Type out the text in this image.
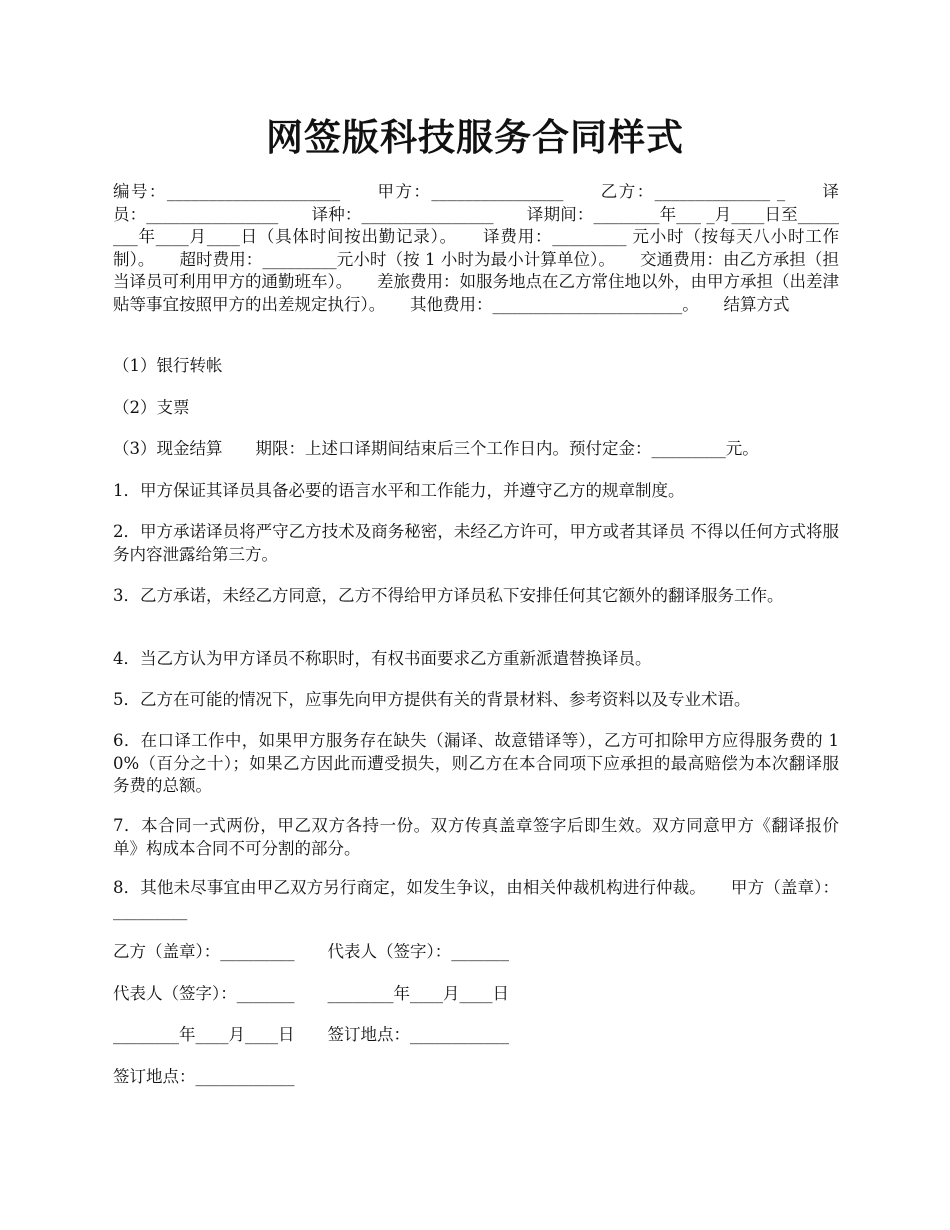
网签版科技服务合同样式
编号：_____________________　　甲方：________________　　乙方：______________ _　　译员：________________　　译种：________________　　译期间：________年___ _月____日至________年____月____日（具体时间按出勤记录）。　　译费用：_________ 元小时（按每天八小时工作制）。　　超时费用：_________元小时（按 1 小时为最小计算单位）。　　交通费用：由乙方承担（担当译员可利用甲方的通勤班车）。　　差旅费用：如服务地点在乙方常住地以外，由甲方承担（出差津贴等事宜按照甲方的出差规定执行）。　　其他费用：_______________________。　　结算方式
（1）银行转帐
（2）支票
（3）现金结算　　期限：上述口译期间结束后三个工作日内。预付定金：_________元。
1．甲方保证其译员具备必要的语言水平和工作能力，并遵守乙方的规章制度。
2．甲方承诺译员将严守乙方技术及商务秘密，未经乙方许可，甲方或者其译员 不得以任何方式将服务内容泄露给第三方。
3．乙方承诺，未经乙方同意，乙方不得给甲方译员私下安排任何其它额外的翻译服务工作。
4．当乙方认为甲方译员不称职时，有权书面要求乙方重新派遣替换译员。
5．乙方在可能的情况下，应事先向甲方提供有关的背景材料、参考资料以及专业术语。
6．在口译工作中，如果甲方服务存在缺失（漏译、故意错译等），乙方可扣除甲方应得服务费的 10%（百分之十）；如果乙方因此而遭受损失，则乙方在本合同项下应承担的最高赔偿为本次翻译服务费的总额。
7．本合同一式两份，甲乙双方各持一份。双方传真盖章签字后即生效。双方同意甲方《翻译报价单》构成本合同不可分割的部分。
8．其他未尽事宜由甲乙双方另行商定，如发生争议，由相关仲裁机构进行仲裁。　　甲方（盖章）：_________
乙方（盖章）：_________　　代表人（签字）：_______
代表人（签字）：_______　　________年____月____日
________年____月____日　　签订地点：____________
签订地点：____________
